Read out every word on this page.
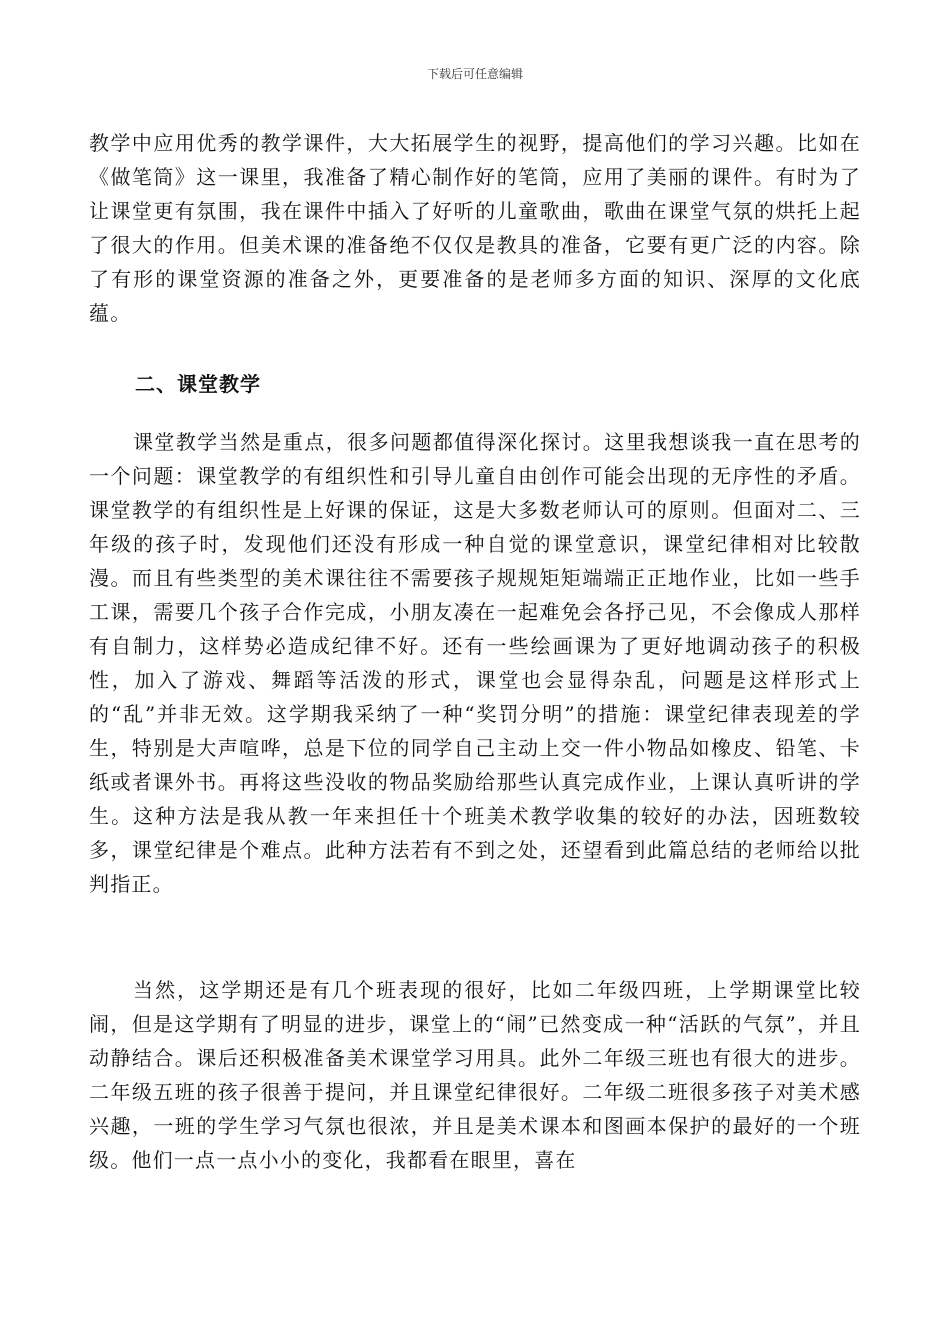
下载后可任意编辑

教学中应用优秀的教学课件，大大拓展学生的视野，提高他们的学习兴趣。比如在《做笔筒》这一课里，我准备了精心制作好的笔筒，应用了美丽的课件。有时为了让课堂更有氛围，我在课件中插入了好听的儿童歌曲，歌曲在课堂气氛的烘托上起了很大的作用。但美术课的准备绝不仅仅是教具的准备，它要有更广泛的内容。除了有形的课堂资源的准备之外，更要准备的是老师多方面的知识、深厚的文化底蕴。

二、课堂教学

课堂教学当然是重点，很多问题都值得深化探讨。这里我想谈我一直在思考的一个问题：课堂教学的有组织性和引导儿童自由创作可能会出现的无序性的矛盾。课堂教学的有组织性是上好课的保证，这是大多数老师认可的原则。但面对二、三年级的孩子时，发现他们还没有形成一种自觉的课堂意识，课堂纪律相对比较散漫。而且有些类型的美术课往往不需要孩子规规矩矩端端正正地作业，比如一些手工课，需要几个孩子合作完成，小朋友凑在一起难免会各抒己见，不会像成人那样有自制力，这样势必造成纪律不好。还有一些绘画课为了更好地调动孩子的积极性，加入了游戏、舞蹈等活泼的形式，课堂也会显得杂乱，问题是这样形式上的“乱”并非无效。这学期我采纳了一种“奖罚分明”的措施：课堂纪律表现差的学生，特别是大声喧哗，总是下位的同学自己主动上交一件小物品如橡皮、铅笔、卡纸或者课外书。再将这些没收的物品奖励给那些认真完成作业，上课认真听讲的学生。这种方法是我从教一年来担任十个班美术教学收集的较好的办法，因班数较多，课堂纪律是个难点。此种方法若有不到之处，还望看到此篇总结的老师给以批判指正。

当然，这学期还是有几个班表现的很好，比如二年级四班，上学期课堂比较闹，但是这学期有了明显的进步，课堂上的“闹”已然变成一种“活跃的气氛”，并且动静结合。课后还积极准备美术课堂学习用具。此外二年级三班也有很大的进步。二年级五班的孩子很善于提问，并且课堂纪律很好。二年级二班很多孩子对美术感兴趣，一班的学生学习气氛也很浓，并且是美术课本和图画本保护的最好的一个班级。他们一点一点小小的变化，我都看在眼里，喜在
